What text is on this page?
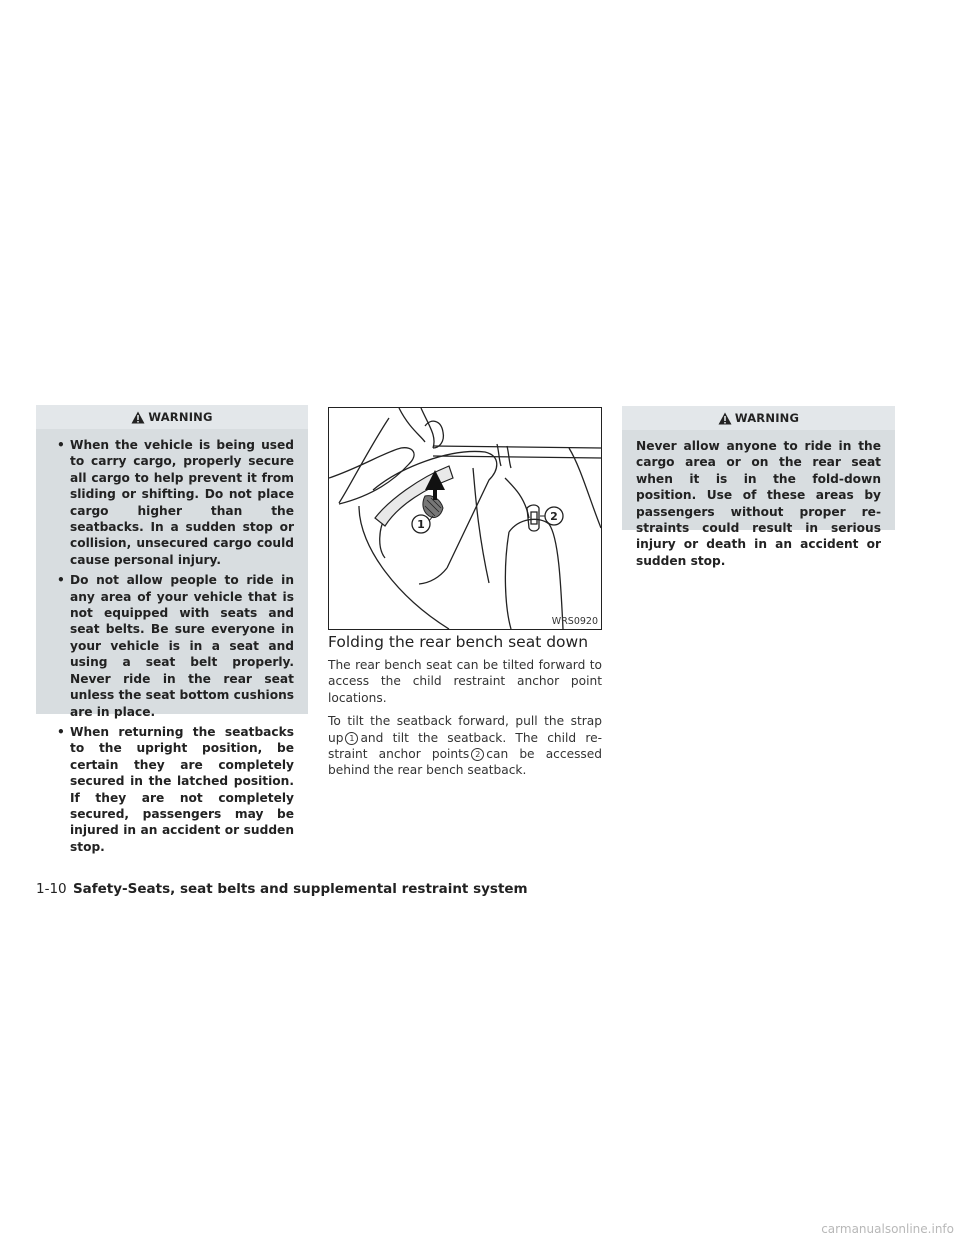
WARNING
• When the vehicle is being used to carry cargo, properly secure all cargo to help prevent it from sliding or shifting. Do not place cargo higher than the seatbacks. In a sudden stop or collision, unsecured cargo could cause personal injury.
• Do not allow people to ride in any area of your vehicle that is not equipped with seats and seat belts. Be sure everyone in your vehicle is in a seat and using a seat belt properly. Never ride in the rear seat unless the seat bottom cushions are in place.
• When returning the seatbacks to the upright position, be certain they are completely secured in the latched position. If they are not completely secured, passengers may be injured in an accident or sudden stop.
1
2
WRS0920
Folding the rear bench seat down

The rear bench seat can be tilted forward to access the child restraint anchor point locations.

To tilt the seatback forward, pull the strap up 1 and tilt the seatback. The child re-straint anchor points 2 can be accessed behind the rear bench seatback.

WARNING
Never allow anyone to ride in the cargo area or on the rear seat when it is in the fold-down position. Use of these areas by passengers without proper re-straints could result in serious injury or death in an accident or sudden stop.
1-10 Safety-Seats, seat belts and supplemental restraint system
carmanualsonline.info
